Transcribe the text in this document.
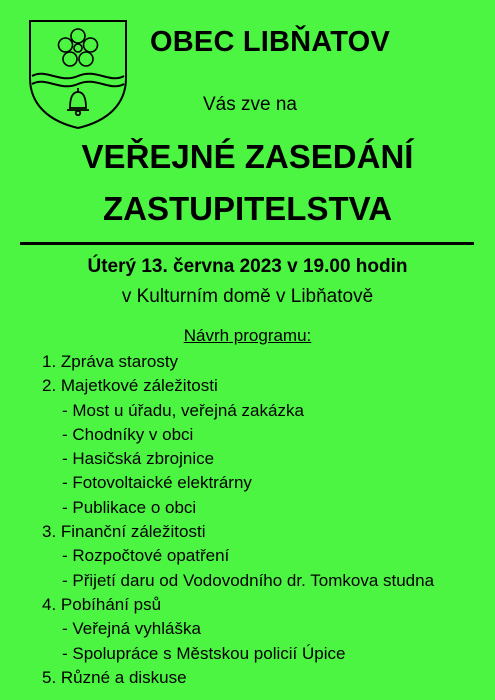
OBEC LIBŇATOV
Vás zve na
VEŘEJNÉ ZASEDÁNÍ
ZASTUPITELSTVA
Úterý 13. června 2023 v 19.00 hodin
v Kulturním domě v Libňatově
Návrh programu:
1. Zpráva starosty
2. Majetkové záležitosti
- Most u úřadu, veřejná zakázka
- Chodníky v obci
- Hasičská zbrojnice
- Fotovoltaické elektrárny
- Publikace o obci
3. Finanční záležitosti
- Rozpočtové opatření
- Přijetí daru od Vodovodního dr. Tomkova studna
4. Pobíhání psů
- Veřejná vyhláška
- Spolupráce s Městskou policií Úpice
5. Různé a diskuse
